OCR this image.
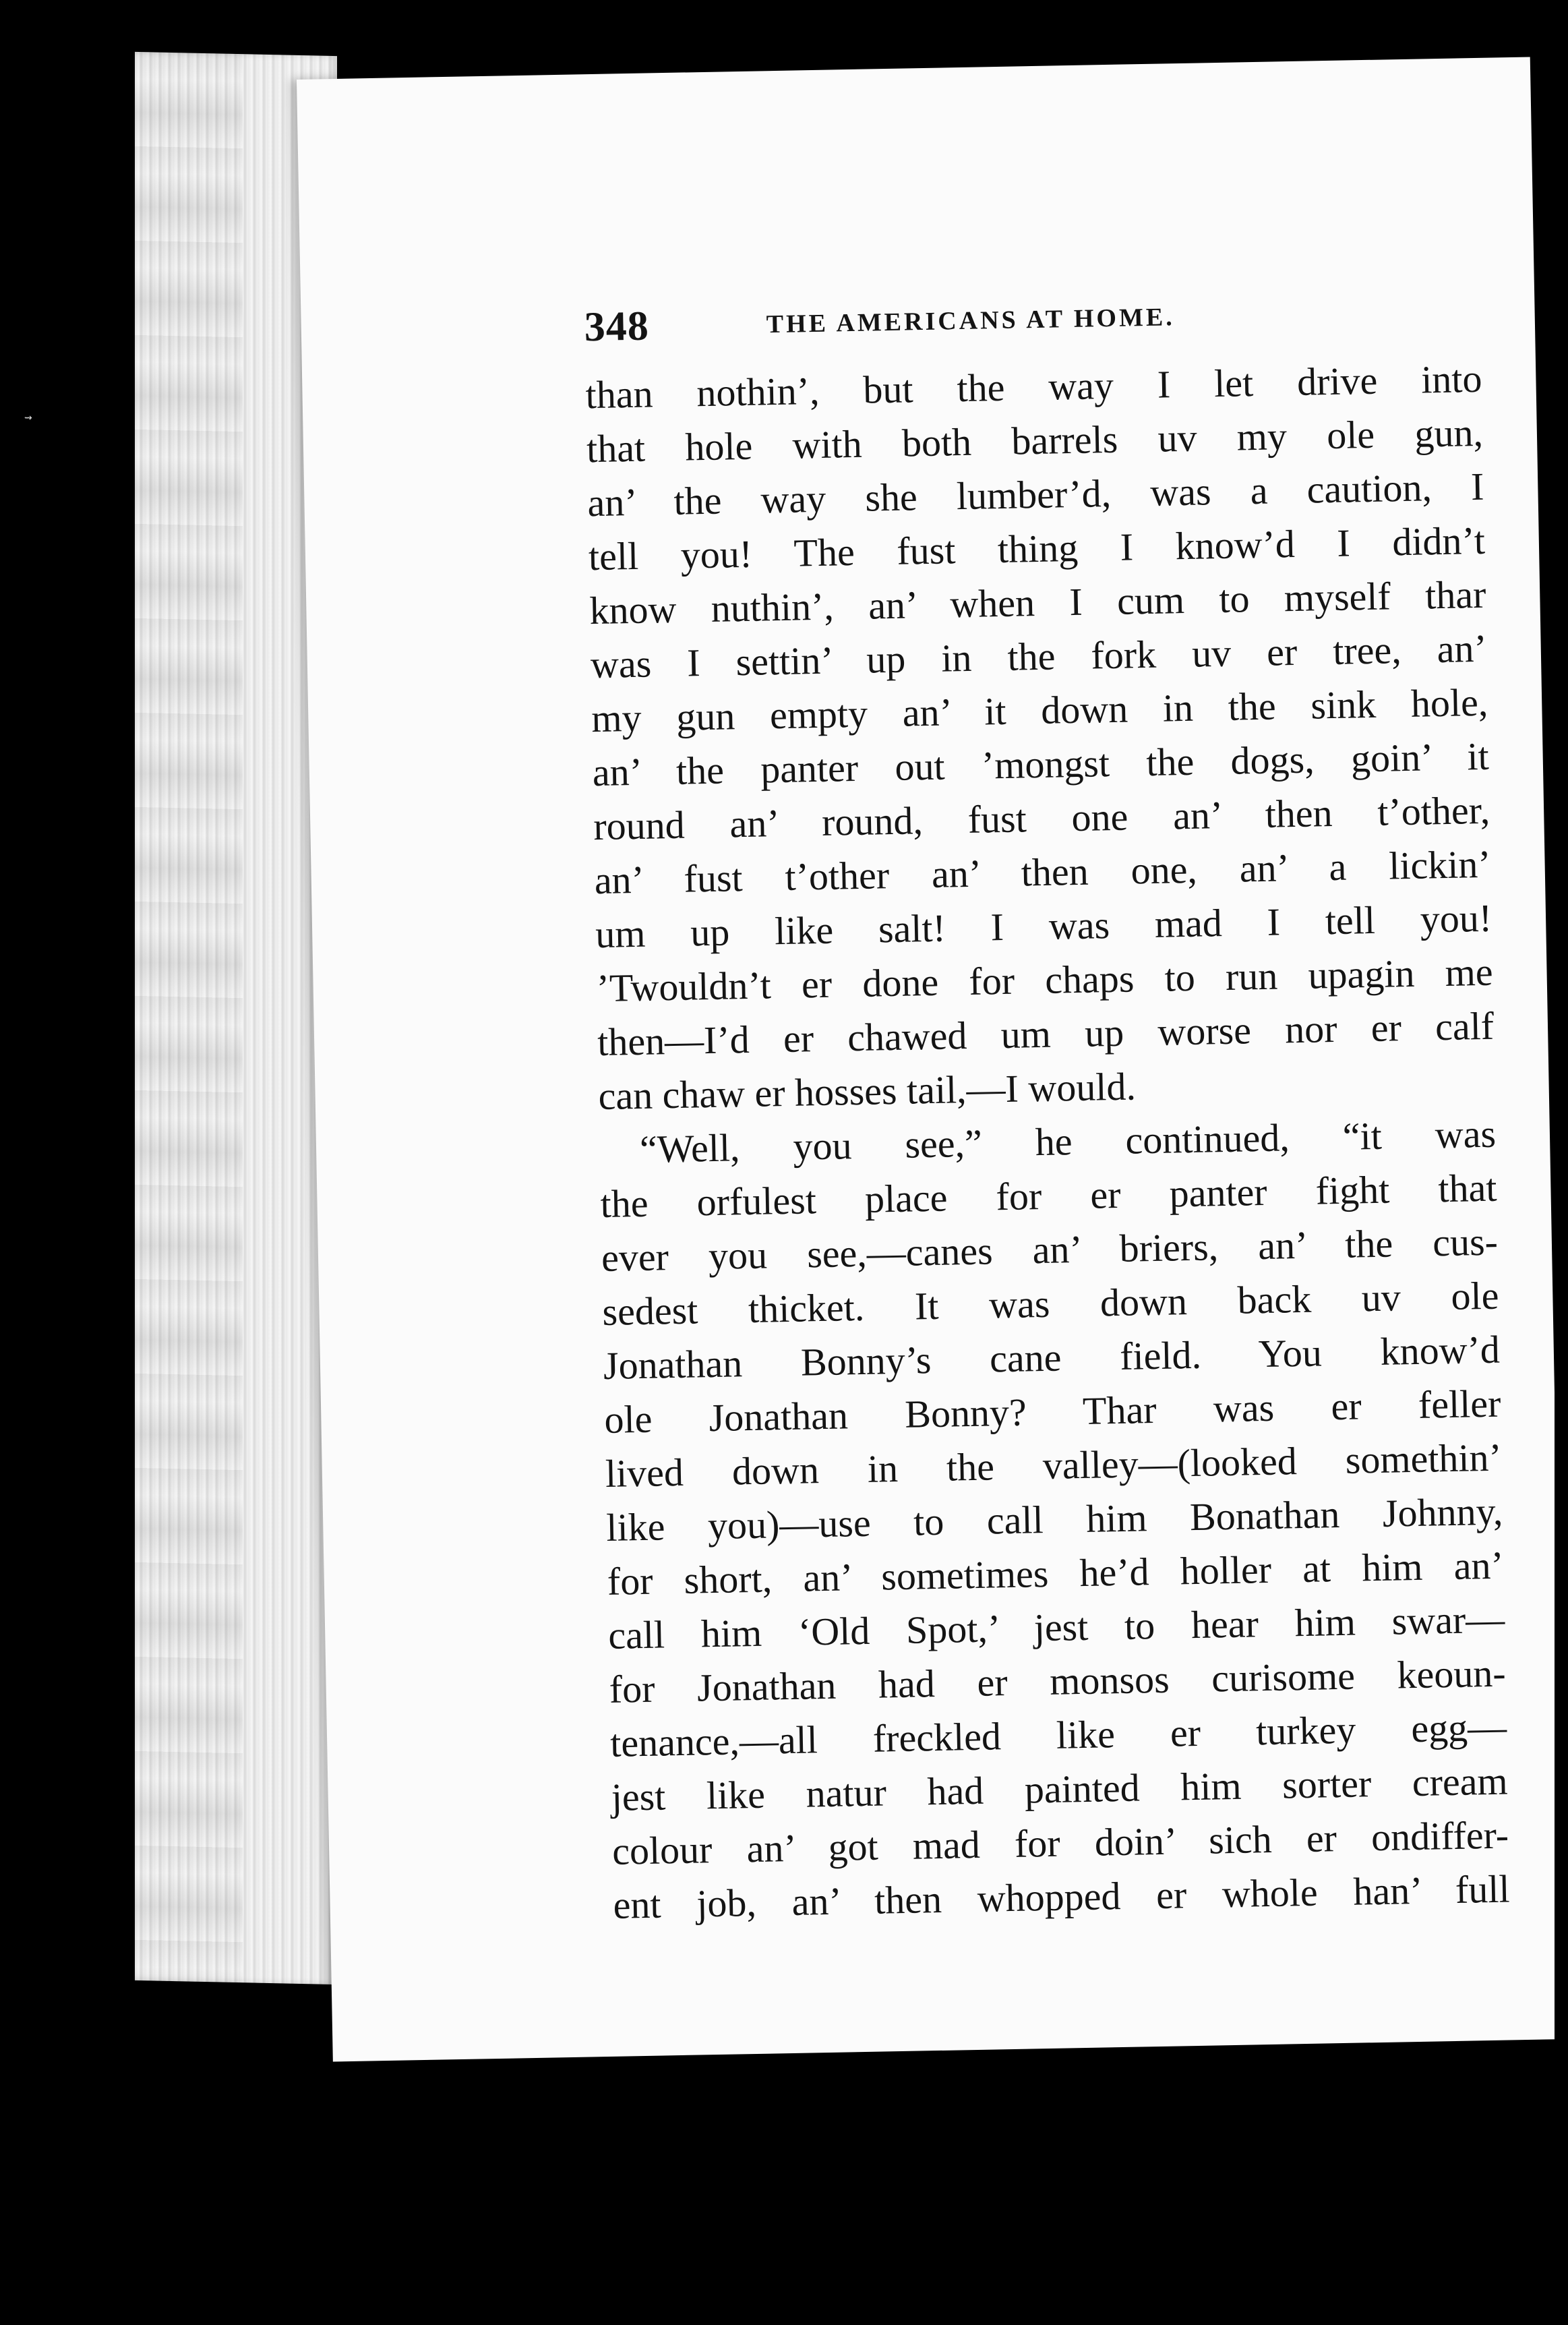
⇝
348	THE AMERICANS AT HOME.
than nothin’, but the way I let drive into
that hole with both barrels uv my ole gun,
an’ the way she lumber’d, was a caution, I
tell you! The fust thing I know’d I didn’t
know nuthin’, an’ when I cum to myself thar
was I settin’ up in the fork uv er tree, an’
my gun empty an’ it down in the sink hole,
an’ the panter out ’mongst the dogs, goin’ it
round an’ round, fust one an’ then t’other,
an’ fust t’other an’ then one, an’ a lickin’
um up like salt! I was mad I tell you!
’Twouldn’t er done for chaps to run upagin me
then—I’d er chawed um up worse nor er calf
can chaw er hosses tail,—I would.
“Well, you see,” he continued, “it was
the orfulest place for er panter fight that
ever you see,—canes an’ briers, an’ the cus-
sedest thicket. It was down back uv ole
Jonathan Bonny’s cane field. You know’d
ole Jonathan Bonny? Thar was er feller
lived down in the valley—(looked somethin’
like you)—use to call him Bonathan Johnny,
for short, an’ sometimes he’d holler at him an’
call him ‘Old Spot,’ jest to hear him swar—
for Jonathan had er monsos curisome keoun-
tenance,—all freckled like er turkey egg—
jest like natur had painted him sorter cream
colour an’ got mad for doin’ sich er ondiffer-
ent job, an’ then whopped er whole han’ full
